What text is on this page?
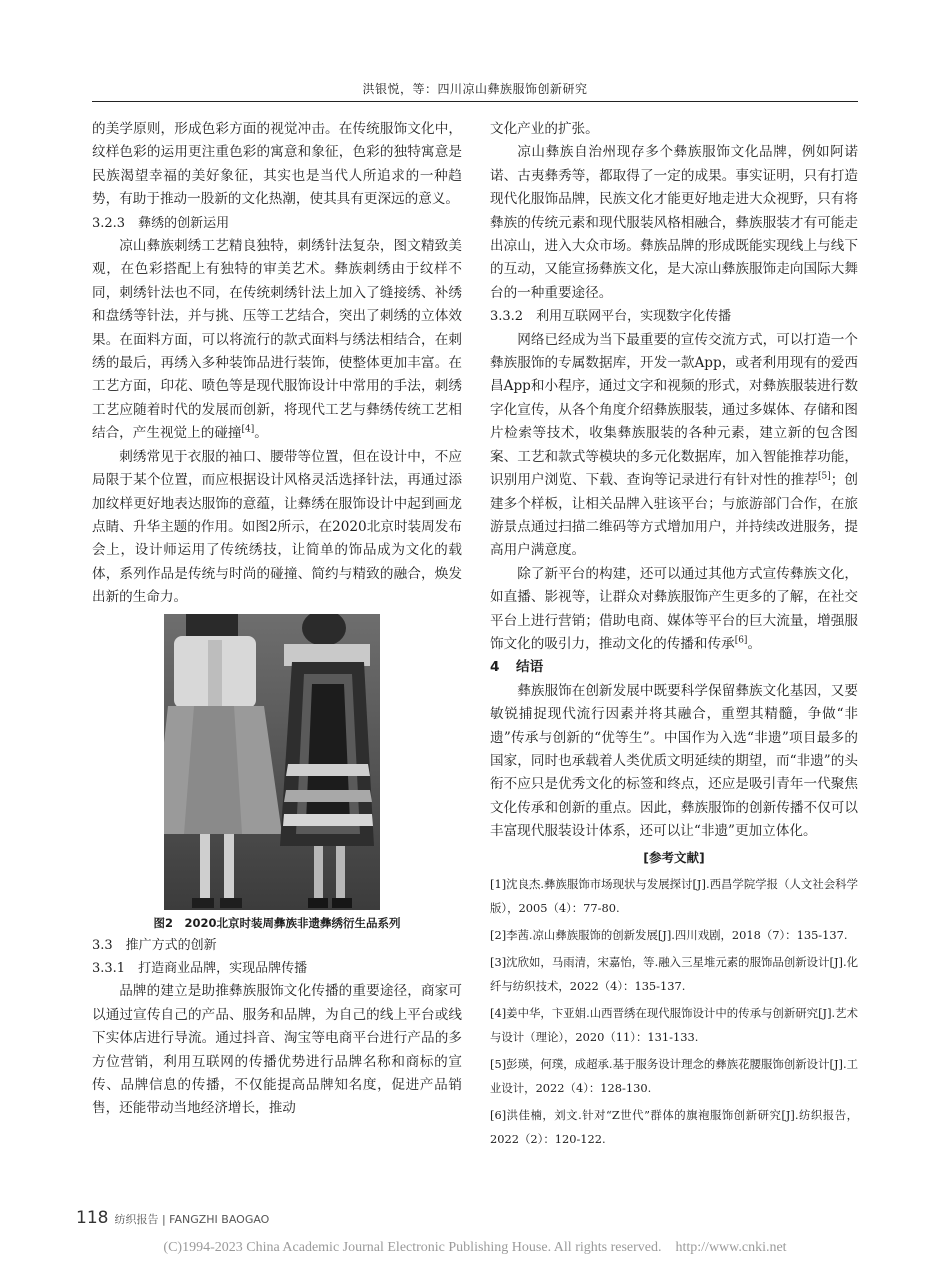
洪银悦，等：四川凉山彝族服饰创新研究

的美学原则，形成色彩方面的视觉冲击。在传统服饰文化中，纹样色彩的运用更注重色彩的寓意和象征，色彩的独特寓意是民族渴望幸福的美好象征，其实也是当代人所追求的一种趋势，有助于推动一股新的文化热潮，使其具有更深远的意义。

3.2.3　彝绣的创新运用

凉山彝族刺绣工艺精良独特，刺绣针法复杂，图文精致美观，在色彩搭配上有独特的审美艺术。彝族刺绣由于纹样不同，刺绣针法也不同，在传统刺绣针法上加入了缝接绣、补绣和盘绣等针法，并与挑、压等工艺结合，突出了刺绣的立体效果。在面料方面，可以将流行的款式面料与绣法相结合，在刺绣的最后，再绣入多种装饰品进行装饰，使整体更加丰富。在工艺方面，印花、喷色等是现代服饰设计中常用的手法，刺绣工艺应随着时代的发展而创新，将现代工艺与彝绣传统工艺相结合，产生视觉上的碰撞[4]。

刺绣常见于衣服的袖口、腰带等位置，但在设计中，不应局限于某个位置，而应根据设计风格灵活选择针法，再通过添加纹样更好地表达服饰的意蕴，让彝绣在服饰设计中起到画龙点睛、升华主题的作用。如图2所示，在2020北京时装周发布会上，设计师运用了传统绣技，让简单的饰品成为文化的载体，系列作品是传统与时尚的碰撞、简约与精致的融合，焕发出新的生命力。

图2　2020北京时装周彝族非遗彝绣衍生品系列
3.3　推广方式的创新
3.3.1　打造商业品牌，实现品牌传播

品牌的建立是助推彝族服饰文化传播的重要途径，商家可以通过宣传自己的产品、服务和品牌，为自己的线上平台或线下实体店进行导流。通过抖音、淘宝等电商平台进行产品的多方位营销，利用互联网的传播优势进行品牌名称和商标的宣传、品牌信息的传播，不仅能提高品牌知名度，促进产品销售，还能带动当地经济增长，推动

文化产业的扩张。

凉山彝族自治州现存多个彝族服饰文化品牌，例如阿诺诺、古夷彝秀等，都取得了一定的成果。事实证明，只有打造现代化服饰品牌，民族文化才能更好地走进大众视野，只有将彝族的传统元素和现代服装风格相融合，彝族服装才有可能走出凉山，进入大众市场。彝族品牌的形成既能实现线上与线下的互动，又能宣扬彝族文化，是大凉山彝族服饰走向国际大舞台的一种重要途径。

3.3.2　利用互联网平台，实现数字化传播

网络已经成为当下最重要的宣传交流方式，可以打造一个彝族服饰的专属数据库，开发一款App，或者利用现有的爱西昌App和小程序，通过文字和视频的形式，对彝族服装进行数字化宣传，从各个角度介绍彝族服装，通过多媒体、存储和图片检索等技术，收集彝族服装的各种元素，建立新的包含图案、工艺和款式等模块的多元化数据库，加入智能推荐功能，识别用户浏览、下载、查询等记录进行有针对性的推荐[5]；创建多个样板，让相关品牌入驻该平台；与旅游部门合作，在旅游景点通过扫描二维码等方式增加用户，并持续改进服务，提高用户满意度。

除了新平台的构建，还可以通过其他方式宣传彝族文化，如直播、影视等，让群众对彝族服饰产生更多的了解，在社交平台上进行营销；借助电商、媒体等平台的巨大流量，增强服饰文化的吸引力，推动文化的传播和传承[6]。

4 结语

彝族服饰在创新发展中既要科学保留彝族文化基因，又要敏锐捕捉现代流行因素并将其融合，重塑其精髓，争做“非遗”传承与创新的“优等生”。中国作为入选“非遗”项目最多的国家，同时也承载着人类优质文明延续的期望，而“非遗”的头衔不应只是优秀文化的标签和终点，还应是吸引青年一代聚焦文化传承和创新的重点。因此，彝族服饰的创新传播不仅可以丰富现代服装设计体系，还可以让“非遗”更加立体化。

[参考文献]

[1]沈良杰.彝族服饰市场现状与发展探讨[J].西昌学院学报（人文社会科学版），2005（4）：77-80.

[2]李茜.凉山彝族服饰的创新发展[J].四川戏剧，2018（7）：135-137.

[3]沈欣如，马雨清，宋嘉怡，等.融入三星堆元素的服饰品创新设计[J].化纤与纺织技术，2022（4）：135-137.

[4]姜中华，卞亚娟.山西晋绣在现代服饰设计中的传承与创新研究[J].艺术与设计（理论），2020（11）：131-133.

[5]彭瑛，何璞，成超承.基于服务设计理念的彝族花腰服饰创新设计[J].工业设计，2022（4）：128-130.

[6]洪佳楠，刘文.针对“Z世代”群体的旗袍服饰创新研究[J].纺织报告，2022（2）：120-122.

118 纺织报告 | FANGZHI BAOGAO
(C)1994-2023 China Academic Journal Electronic Publishing House. All rights reserved.　http://www.cnki.net
